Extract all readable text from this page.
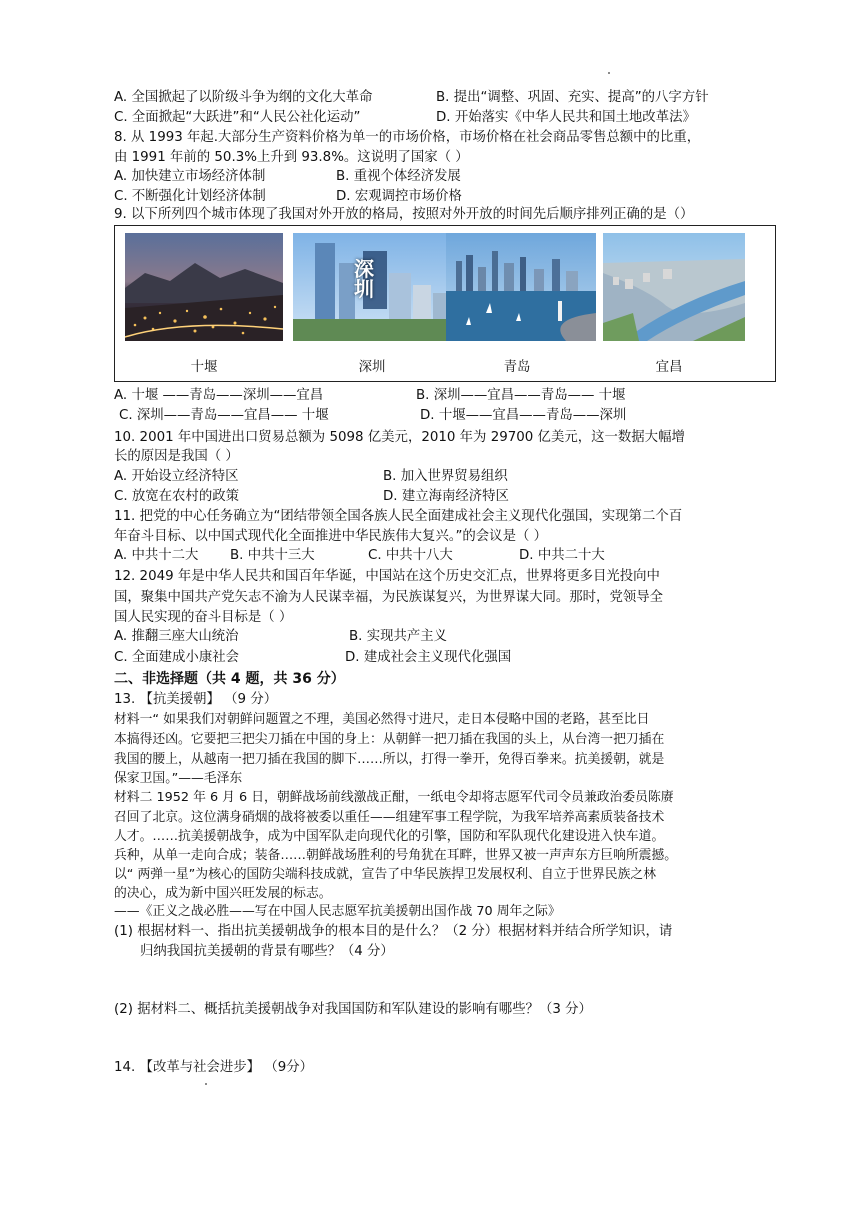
A. 全国掀起了以阶级斗争为纲的文化大革命	B. 提出“调整、巩固、充实、提高”的八字方针
C. 全面掀起“大跃进”和“人民公社化运动”	D. 开始落实《中华人民共和国土地改革法》
8. 从 1993 年起.大部分生产资料价格为单一的市场价格，市场价格在社会商品零售总额中的比重，
由 1991 年前的 50.3%上升到 93.8%。这说明了国家（ ）
A. 加快建立市场经济体制	B. 重视个体经济发展
C. 不断强化计划经济体制	D. 宏观调控市场价格
9. 以下所列四个城市体现了我国对外开放的格局，按照对外开放的时间先后顺序排列正确的是（）
十堰
深圳
深圳	青岛	宜昌
A. 十堰 ——青岛——深圳——宜昌	B. 深圳——宜昌——青岛—— 十堰
C. 深圳——青岛——宜昌—— 十堰	D. 十堰——宜昌——青岛——深圳
10. 2001 年中国进出口贸易总额为 5098 亿美元，2010 年为 29700 亿美元，这一数据大幅增
长的原因是我国（ ）
A. 开始设立经济特区	B. 加入世界贸易组织
C. 放宽在农村的政策	D. 建立海南经济特区
11. 把党的中心任务确立为“团结带领全国各族人民全面建成社会主义现代化强国，实现第二个百
年奋斗目标、以中国式现代化全面推进中华民族伟大复兴。”的会议是（ ）
A. 中共十二大 B. 中共十三大	C. 中共十八大	D. 中共二十大
12. 2049 年是中华人民共和国百年华诞，中国站在这个历史交汇点，世界将更多目光投向中
国，聚集中国共产党矢志不渝为人民谋幸福，为民族谋复兴，为世界谋大同。那时，党领导全
国人民实现的奋斗目标是（ ）
A. 推翻三座大山统治	B. 实现共产主义
C. 全面建成小康社会	D. 建成社会主义现代化强国
二、非选择题（共 4 题，共 36 分）
13. 【抗美援朝】 （9 分）
材料一“ 如果我们对朝鲜问题置之不理，美国必然得寸进尺，走日本侵略中国的老路，甚至比日
本搞得还凶。它要把三把尖刀插在中国的身上：从朝鲜一把刀插在我国的头上，从台湾一把刀插在
我国的腰上，从越南一把刀插在我国的脚下……所以，打得一拳开，免得百拳来。抗美援朝，就是
保家卫国。”——毛泽东
材料二 1952 年 6 月 6 日，朝鲜战场前线激战正酣，一纸电令却将志愿军代司令员兼政治委员陈赓
召回了北京。这位满身硝烟的战将被委以重任——组建军事工程学院，为我军培养高素质装备技术
人才。……抗美援朝战争，成为中国军队走向现代化的引擎，国防和军队现代化建设进入快车道。
兵种，从单一走向合成；装备……朝鲜战场胜利的号角犹在耳畔，世界又被一声声东方巨响所震撼。
以“ 两弹一星”为核心的国防尖端科技成就，宣告了中华民族捍卫发展权利、自立于世界民族之林
的决心，成为新中国兴旺发展的标志。
——《正义之战必胜——写在中国人民志愿军抗美援朝出国作战 70 周年之际》
(1) 根据材料一、指出抗美援朝战争的根本目的是什么？（2 分）根据材料并结合所学知识，请
归纳我国抗美援朝的背景有哪些？（4 分）
(2) 据材料二、概括抗美援朝战争对我国国防和军队建设的影响有哪些？（3 分）
14. 【改革与社会进步】 （9分）
